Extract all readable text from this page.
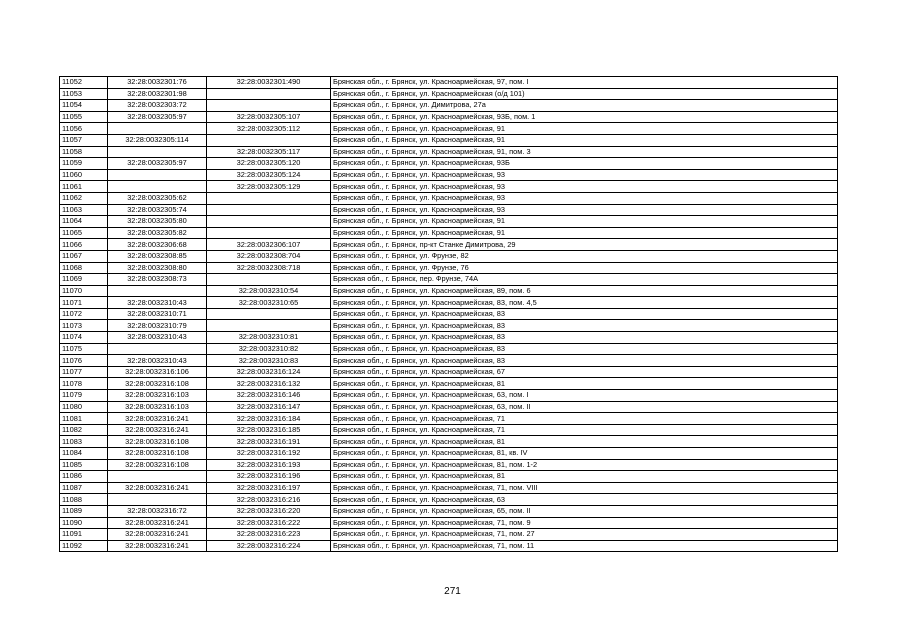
11052	32:28:0032301:76	32:28:0032301:490	Брянская обл., г. Брянск, ул. Красноармейская, 97, пом. I
11053	32:28:0032301:98		Брянская обл., г. Брянск, ул. Красноармейская (о/д 101)
11054	32:28:0032303:72		Брянская обл., г. Брянск, ул. Димитрова, 27а
11055	32:28:0032305:97	32:28:0032305:107	Брянская обл., г. Брянск, ул. Красноармейская, 93Б, пом. 1
11056		32:28:0032305:112	Брянская обл., г. Брянск, ул. Красноармейская, 91
11057	32:28:0032305:114		Брянская обл., г. Брянск, ул. Красноармейская, 91
11058		32:28:0032305:117	Брянская обл., г. Брянск, ул. Красноармейская, 91, пом. 3
11059	32:28:0032305:97	32:28:0032305:120	Брянская обл., г. Брянск, ул. Красноармейская, 93Б
11060		32:28:0032305:124	Брянская обл., г. Брянск, ул. Красноармейская, 93
11061		32:28:0032305:129	Брянская обл., г. Брянск, ул. Красноармейская, 93
11062	32:28:0032305:62		Брянская обл., г. Брянск, ул. Красноармейская, 93
11063	32:28:0032305:74		Брянская обл., г. Брянск, ул. Красноармейская, 93
11064	32:28:0032305:80		Брянская обл., г. Брянск, ул. Красноармейская, 91
11065	32:28:0032305:82		Брянская обл., г. Брянск, ул. Красноармейская, 91
11066	32:28:0032306:68	32:28:0032306:107	Брянская обл., г. Брянск, пр-кт Станке Димитрова, 29
11067	32:28:0032308:85	32:28:0032308:704	Брянская обл., г. Брянск, ул. Фрунзе, 82
11068	32:28:0032308:80	32:28:0032308:718	Брянская обл., г. Брянск, ул. Фрунзе, 76
11069	32:28:0032308:73		Брянская обл., г. Брянск, пер. Фрунзе, 74А
11070		32:28:0032310:54	Брянская обл., г. Брянск, ул. Красноармейская, 89, пом. 6
11071	32:28:0032310:43	32:28:0032310:65	Брянская обл., г. Брянск, ул. Красноармейская, 83, пом. 4,5
11072	32:28:0032310:71		Брянская обл., г. Брянск, ул. Красноармейская, 83
11073	32:28:0032310:79		Брянская обл., г. Брянск, ул. Красноармейская, 83
11074	32:28:0032310:43	32:28:0032310:81	Брянская обл., г. Брянск, ул. Красноармейская, 83
11075		32:28:0032310:82	Брянская обл., г. Брянск, ул. Красноармейская, 83
11076	32:28:0032310:43	32:28:0032310:83	Брянская обл., г. Брянск, ул. Красноармейская, 83
11077	32:28:0032316:106	32:28:0032316:124	Брянская обл., г. Брянск, ул. Красноармейская, 67
11078	32:28:0032316:108	32:28:0032316:132	Брянская обл., г. Брянск, ул. Красноармейская, 81
11079	32:28:0032316:103	32:28:0032316:146	Брянская обл., г. Брянск, ул. Красноармейская, 63, пом. I
11080	32:28:0032316:103	32:28:0032316:147	Брянская обл., г. Брянск, ул. Красноармейская, 63, пом. II
11081	32:28:0032316:241	32:28:0032316:184	Брянская обл., г. Брянск, ул. Красноармейская, 71
11082	32:28:0032316:241	32:28:0032316:185	Брянская обл., г. Брянск, ул. Красноармейская, 71
11083	32:28:0032316:108	32:28:0032316:191	Брянская обл., г. Брянск, ул. Красноармейская, 81
11084	32:28:0032316:108	32:28:0032316:192	Брянская обл., г. Брянск, ул. Красноармейская, 81, кв. IV
11085	32:28:0032316:108	32:28:0032316:193	Брянская обл., г. Брянск, ул. Красноармейская, 81, пом. 1-2
11086		32:28:0032316:196	Брянская обл., г. Брянск, ул. Красноармейская, 81
11087	32:28:0032316:241	32:28:0032316:197	Брянская обл., г. Брянск, ул. Красноармейская, 71, пом. VIII
11088		32:28:0032316:216	Брянская обл., г. Брянск, ул. Красноармейская, 63
11089	32:28:0032316:72	32:28:0032316:220	Брянская обл., г. Брянск, ул. Красноармейская, 65, пом. II
11090	32:28:0032316:241	32:28:0032316:222	Брянская обл., г. Брянск, ул. Красноармейская, 71, пом. 9
11091	32:28:0032316:241	32:28:0032316:223	Брянская обл., г. Брянск, ул. Красноармейская, 71, пом. 27
11092	32:28:0032316:241	32:28:0032316:224	Брянская обл., г. Брянск, ул. Красноармейская, 71, пом. 11
271
